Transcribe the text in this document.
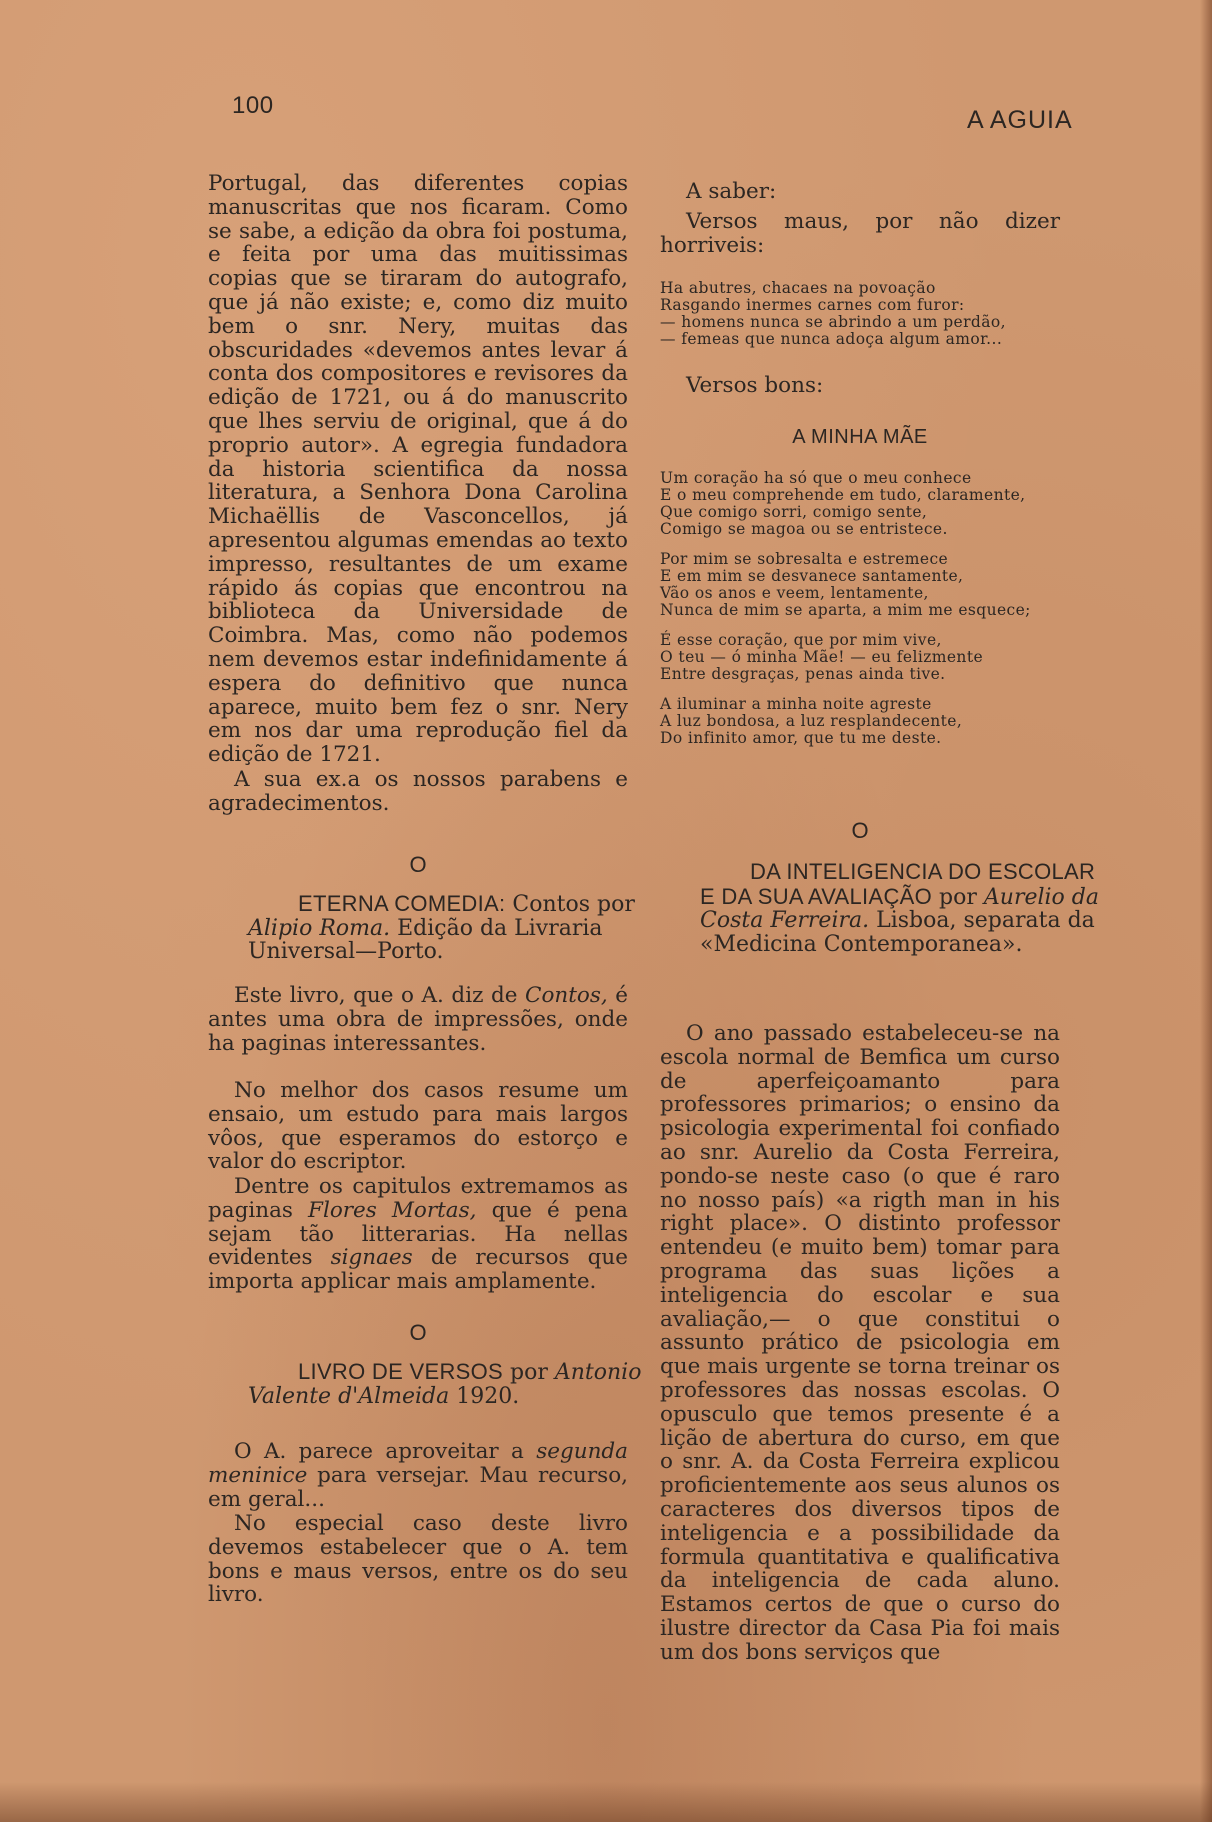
100
A AGUIA
Portugal, das diferentes copias manuscritas que nos ficaram. Como se sabe, a edição da obra foi postuma, e feita por uma das muitissimas copias que se tiraram do autografo, que já não existe; e, como diz muito bem o snr. Nery, muitas das obscuridades «devemos antes levar á conta dos compositores e revisores da edição de 1721, ou á do manuscrito que lhes serviu de original, que á do proprio autor». A egregia fundadora da historia scientifica da nossa literatura, a Senhora Dona Carolina Michaëllis de Vasconcellos, já apresentou algumas emendas ao texto impresso, resultantes de um exame rápido ás copias que encontrou na biblioteca da Universidade de Coimbra. Mas, como não podemos nem devemos estar indefinidamente á espera do definitivo que nunca aparece, muito bem fez o snr. Nery em nos dar uma reprodução fiel da edição de 1721.
A sua ex.a os nossos parabens e agradecimentos.
O
ETERNA COMEDIA: Contos por Alipio Roma. Edição da Livraria Universal—Porto.
Este livro, que o A. diz de Contos, é antes uma obra de impressões, onde ha paginas interessantes.
No melhor dos casos resume um ensaio, um estudo para mais largos vôos, que esperamos do estorço e valor do escriptor.
Dentre os capitulos extremamos as paginas Flores Mortas, que é pena sejam tão litterarias. Ha nellas evidentes signaes de recursos que importa applicar mais amplamente.
O
LIVRO DE VERSOS por Antonio Valente d'Almeida 1920.
O A. parece aproveitar a segunda meninice para versejar. Mau recurso, em geral...
No especial caso deste livro devemos estabelecer que o A. tem bons e maus versos, entre os do seu livro.
A saber:
Versos maus, por não dizer horriveis:
Ha abutres, chacaes na povoação
Rasgando inermes carnes com furor:
— homens nunca se abrindo a um perdão,
— femeas que nunca adoça algum amor...
Versos bons:
A MINHA MÃE
Um coração ha só que o meu conhece
E o meu comprehende em tudo, claramente,
Que comigo sorri, comigo sente,
Comigo se magoa ou se entristece.
Por mim se sobresalta e estremece
E em mim se desvanece santamente,
Vão os anos e veem, lentamente,
Nunca de mim se aparta, a mim me esquece;
É esse coração, que por mim vive,
O teu — ó minha Mãe! — eu felizmente
Entre desgraças, penas ainda tive.
A iluminar a minha noite agreste
A luz bondosa, a luz resplandecente,
Do infinito amor, que tu me deste.
O
DA INTELIGENCIA DO ESCOLAR E DA SUA AVALIAÇÃO por Aurelio da Costa Ferreira. Lisboa, separata da «Medicina Contemporanea».
O ano passado estabeleceu-se na escola normal de Bemfica um curso de aperfeiçoamanto para professores primarios; o ensino da psicologia experimental foi confiado ao snr. Aurelio da Costa Ferreira, pondo-se neste caso (o que é raro no nosso país) «a rigth man in his right place». O distinto professor entendeu (e muito bem) tomar para programa das suas lições a inteligencia do escolar e sua avaliação,— o que constitui o assunto prático de psicologia em que mais urgente se torna treinar os professores das nossas escolas. O opusculo que temos presente é a lição de abertura do curso, em que o snr. A. da Costa Ferreira explicou proficientemente aos seus alunos os caracteres dos diversos tipos de inteligencia e a possibilidade da formula quantitativa e qualificativa da inteligencia de cada aluno. Estamos certos de que o curso do ilustre director da Casa Pia foi mais um dos bons serviços que
